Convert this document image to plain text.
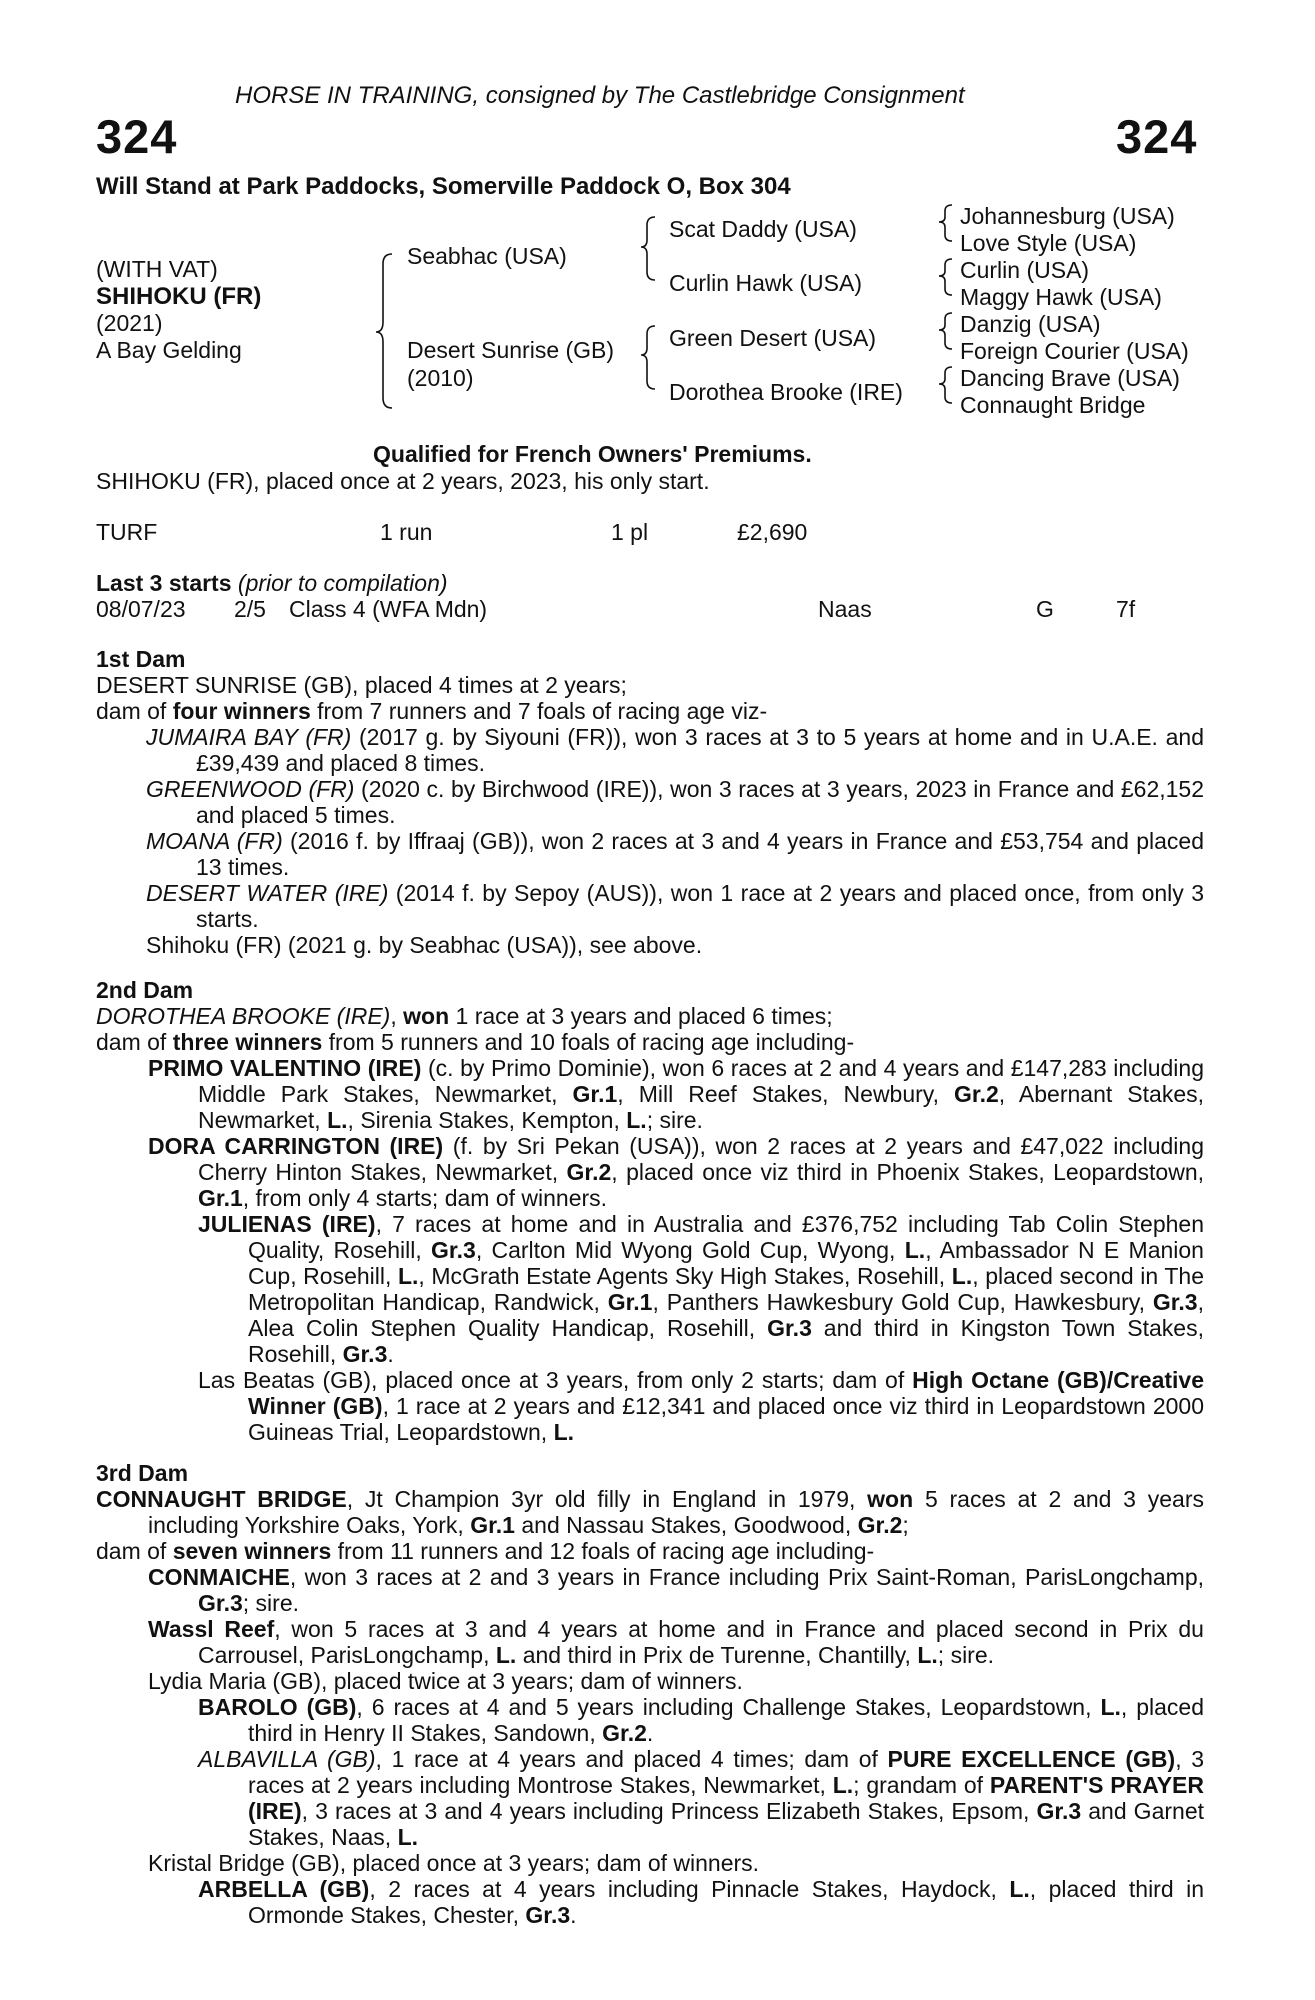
HORSE IN TRAINING, consigned by The Castlebridge Consignment
324	324
Will Stand at Park Paddocks, Somerville Paddock O, Box 304
(WITH VAT)
SHIHOKU (FR)
(2021)
A Bay Gelding
Seabhac (USA)
Desert Sunrise (GB)
(2010)
Scat Daddy (USA)
Curlin Hawk (USA)
Green Desert (USA)
Dorothea Brooke (IRE)
Johannesburg (USA)
Love Style (USA)
Curlin (USA)
Maggy Hawk (USA)
Danzig (USA)
Foreign Courier (USA)
Dancing Brave (USA)
Connaught Bridge
Qualified for French Owners' Premiums.
SHIHOKU (FR), placed once at 2 years, 2023, his only start.
TURF	1 run	1 pl	£2,690
Last 3 starts (prior to compilation)
08/07/23 2/5 Class 4 (WFA Mdn)	Naas	G	7f

1st Dam

DESERT SUNRISE (GB), placed 4 times at 2 years;

dam of four winners from 7 runners and 7 foals of racing age viz-

JUMAIRA BAY (FR) (2017 g. by Siyouni (FR)), won 3 races at 3 to 5 years at home and in U.A.E. and £39,439 and placed 8 times.

GREENWOOD (FR) (2020 c. by Birchwood (IRE)), won 3 races at 3 years, 2023 in France and £62,152 and placed 5 times.

MOANA (FR) (2016 f. by Iffraaj (GB)), won 2 races at 3 and 4 years in France and £53,754 and placed 13 times.

DESERT WATER (IRE) (2014 f. by Sepoy (AUS)), won 1 race at 2 years and placed once, from only 3 starts.

Shihoku (FR) (2021 g. by Seabhac (USA)), see above.

2nd Dam

DOROTHEA BROOKE (IRE), won 1 race at 3 years and placed 6 times;

dam of three winners from 5 runners and 10 foals of racing age including-

PRIMO VALENTINO (IRE) (c. by Primo Dominie), won 6 races at 2 and 4 years and £147,283 including Middle Park Stakes, Newmarket, Gr.1, Mill Reef Stakes, Newbury, Gr.2, Abernant Stakes, Newmarket, L., Sirenia Stakes, Kempton, L.; sire.

DORA CARRINGTON (IRE) (f. by Sri Pekan (USA)), won 2 races at 2 years and £47,022 including Cherry Hinton Stakes, Newmarket, Gr.2, placed once viz third in Phoenix Stakes, Leopardstown, Gr.1, from only 4 starts; dam of winners.

JULIENAS (IRE), 7 races at home and in Australia and £376,752 including Tab Colin Stephen Quality, Rosehill, Gr.3, Carlton Mid Wyong Gold Cup, Wyong, L., Ambassador N E Manion Cup, Rosehill, L., McGrath Estate Agents Sky High Stakes, Rosehill, L., placed second in The Metropolitan Handicap, Randwick, Gr.1, Panthers Hawkesbury Gold Cup, Hawkesbury, Gr.3, Alea Colin Stephen Quality Handicap, Rosehill, Gr.3 and third in Kingston Town Stakes, Rosehill, Gr.3.

Las Beatas (GB), placed once at 3 years, from only 2 starts; dam of High Octane (GB)/Creative Winner (GB), 1 race at 2 years and £12,341 and placed once viz third in Leopardstown 2000 Guineas Trial, Leopardstown, L.

3rd Dam

CONNAUGHT BRIDGE, Jt Champion 3yr old filly in England in 1979, won 5 races at 2 and 3 years including Yorkshire Oaks, York, Gr.1 and Nassau Stakes, Goodwood, Gr.2;

dam of seven winners from 11 runners and 12 foals of racing age including-

CONMAICHE, won 3 races at 2 and 3 years in France including Prix Saint-Roman, ParisLongchamp, Gr.3; sire.

Wassl Reef, won 5 races at 3 and 4 years at home and in France and placed second in Prix du Carrousel, ParisLongchamp, L. and third in Prix de Turenne, Chantilly, L.; sire.

Lydia Maria (GB), placed twice at 3 years; dam of winners.

BAROLO (GB), 6 races at 4 and 5 years including Challenge Stakes, Leopardstown, L., placed third in Henry II Stakes, Sandown, Gr.2.

ALBAVILLA (GB), 1 race at 4 years and placed 4 times; dam of PURE EXCELLENCE (GB), 3 races at 2 years including Montrose Stakes, Newmarket, L.; grandam of PARENT'S PRAYER (IRE), 3 races at 3 and 4 years including Princess Elizabeth Stakes, Epsom, Gr.3 and Garnet Stakes, Naas, L.

Kristal Bridge (GB), placed once at 3 years; dam of winners.

ARBELLA (GB), 2 races at 4 years including Pinnacle Stakes, Haydock, L., placed third in Ormonde Stakes, Chester, Gr.3.
